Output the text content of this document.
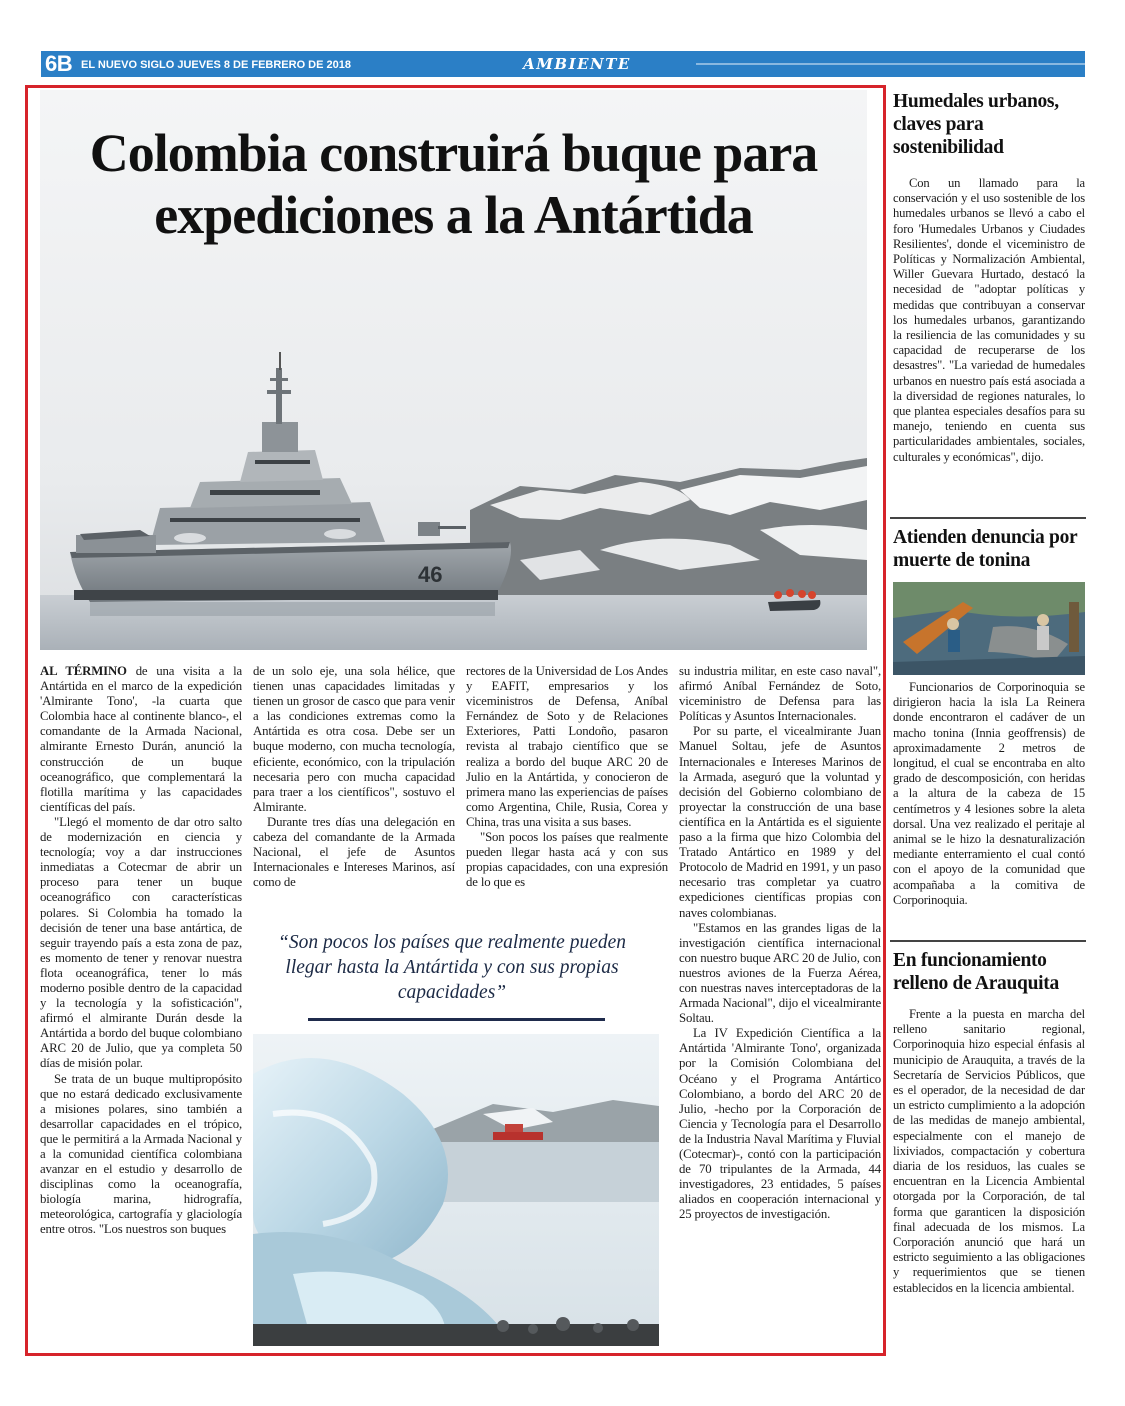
6B EL NUEVO SIGLO JUEVES 8 DE FEBRERO DE 2018	AMBIENTE
46
Colombia construirá buque para
expediciones a la Antártida

AL TÉRMINO de una visita a la Antártida en el marco de la expedición 'Almirante Tono', -la cuarta que Colombia hace al continente blanco-, el comandante de la Armada Nacional, almirante Ernesto Durán, anunció la construcción de un buque oceanográfico, que complementará la flotilla marítima y las capacidades científicas del país.

"Llegó el momento de dar otro salto de modernización en ciencia y tecnología; voy a dar instrucciones inmediatas a Cotecmar de abrir un proceso para tener un buque oceanográfico con características polares. Si Colombia ha tomado la decisión de tener una base antártica, de seguir trayendo país a esta zona de paz, es momento de tener y renovar nuestra flota oceanográfica, tener lo más moderno posible dentro de la capacidad y la tecnología y la sofisticación", afirmó el almirante Durán desde la Antártida a bordo del buque colombiano ARC 20 de Julio, que ya completa 50 días de misión polar.

Se trata de un buque multipropósito que no estará dedicado exclusivamente a misiones polares, sino también a desarrollar capacidades en el trópico, que le permitirá a la Armada Nacional y a la comunidad científica colombiana avanzar en el estudio y desarrollo de disciplinas como la oceanografía, biología marina, hidrografía, meteorológica, cartografía y glaciología entre otros. "Los nuestros son buques

de un solo eje, una sola hélice, que tienen unas capacidades limitadas y tienen un grosor de casco que para venir a las condiciones extremas como la Antártida es otra cosa. Debe ser un buque moderno, con mucha tecnología, eficiente, económico, con la tripulación necesaria pero con mucha capacidad para traer a los científicos", sostuvo el Almirante.

Durante tres días una delegación en cabeza del comandante de la Armada Nacional, el jefe de Asuntos Internacionales e Intereses Marinos, así como de

rectores de la Universidad de Los Andes y EAFIT, empresarios y los viceministros de Defensa, Aníbal Fernández de Soto y de Relaciones Exteriores, Patti Londoño, pasaron revista al trabajo científico que se realiza a bordo del buque ARC 20 de Julio en la Antártida, y conocieron de primera mano las experiencias de países como Argentina, Chile, Rusia, Corea y China, tras una visita a sus bases.

"Son pocos los países que realmente pueden llegar hasta acá y con sus propias capacidades, con una expresión de lo que es

su industria militar, en este caso naval", afirmó Aníbal Fernández de Soto, viceministro de Defensa para las Políticas y Asuntos Internacionales.

Por su parte, el vicealmirante Juan Manuel Soltau, jefe de Asuntos Internacionales e Intereses Marinos de la Armada, aseguró que la voluntad y decisión del Gobierno colombiano de proyectar la construcción de una base científica en la Antártida es el siguiente paso a la firma que hizo Colombia del Tratado Antártico en 1989 y del Protocolo de Madrid en 1991, y un paso necesario tras completar ya cuatro expediciones científicas propias con naves colombianas.

"Estamos en las grandes ligas de la investigación científica internacional con nuestro buque ARC 20 de Julio, con nuestros aviones de la Fuerza Aérea, con nuestras naves interceptadoras de la Armada Nacional", dijo el vicealmirante Soltau.

La IV Expedición Científica a la Antártida 'Almirante Tono', organizada por la Comisión Colombiana del Océano y el Programa Antártico Colombiano, a bordo del ARC 20 de Julio, -hecho por la Corporación de Ciencia y Tecnología para el Desarrollo de la Industria Naval Marítima y Fluvial (Cotecmar)-, contó con la participación de 70 tripulantes de la Armada, 44 investigadores, 23 entidades, 5 países aliados en cooperación internacional y 25 proyectos de investigación.

“Son pocos los países que realmente pueden llegar hasta la Antártida y con sus propias capacidades”

Humedales urbanos, claves para sostenibilidad

Con un llamado para la conservación y el uso sostenible de los humedales urbanos se llevó a cabo el foro 'Humedales Urbanos y Ciudades Resilientes', donde el viceministro de Políticas y Normalización Ambiental, Willer Guevara Hurtado, destacó la necesidad de "adoptar políticas y medidas que contribuyan a conservar los humedales urbanos, garantizando la resiliencia de las comunidades y su capacidad de recuperarse de los desastres". "La variedad de humedales urbanos en nuestro país está asociada a la diversidad de regiones naturales, lo que plantea especiales desafíos para su manejo, teniendo en cuenta sus particularidades ambientales, sociales, culturales y económicas", dijo.

Atienden denuncia por muerte de tonina

Funcionarios de Corporinoquia se dirigieron hacia la isla La Reinera donde encontraron el cadáver de un macho tonina (Innia geoffrensis) de aproximadamente 2 metros de longitud, el cual se encontraba en alto grado de descomposición, con heridas a la altura de la cabeza de 15 centímetros y 4 lesiones sobre la aleta dorsal. Una vez realizado el peritaje al animal se le hizo la desnaturalización mediante enterramiento el cual contó con el apoyo de la comunidad que acompañaba a la comitiva de Corporinoquia.

En funcionamiento relleno de Arauquita

Frente a la puesta en marcha del relleno sanitario regional, Corporinoquia hizo especial énfasis al municipio de Arauquita, a través de la Secretaría de Servicios Públicos, que es el operador, de la necesidad de dar un estricto cumplimiento a la adopción de las medidas de manejo ambiental, especialmente con el manejo de lixiviados, compactación y cobertura diaria de los residuos, las cuales se encuentran en la Licencia Ambiental otorgada por la Corporación, de tal forma que garanticen la disposición final adecuada de los mismos. La Corporación anunció que hará un estricto seguimiento a las obligaciones y requerimientos que se tienen establecidos en la licencia ambiental.
